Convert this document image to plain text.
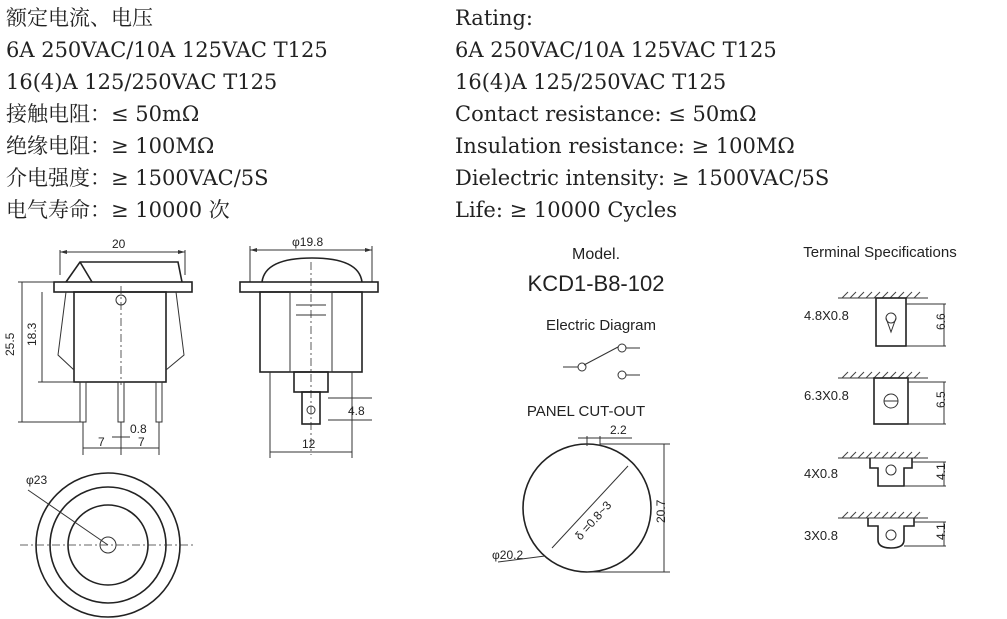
额定电流、电压
6A 250VAC/10A 125VAC T125
16(4)A 125/250VAC T125
接触电阻：≤ 50mΩ
绝缘电阻：≥ 100MΩ
介电强度：≥ 1500VAC/5S
电气寿命：≥ 10000 次
Rating:
6A 250VAC/10A 125VAC T125
16(4)A 125/250VAC T125
Contact resistance: ≤ 50mΩ
Insulation resistance: ≥ 100MΩ
Dielectric intensity: ≥ 1500VAC/5S
Life: ≥ 10000 Cycles
20
25.5 18.3
0.8
7	7
φ19.8
4.8
12
φ23
Model.
KCD1-B8-102
Electric Diagram
PANEL CUT-OUT
2.2
20.7
δ =0.8~3
φ20.2
Terminal Specifications
4.8X0.8	6.6
6.3X0.8	6.5
4X0.8	4.1
3X0.8	4.1
